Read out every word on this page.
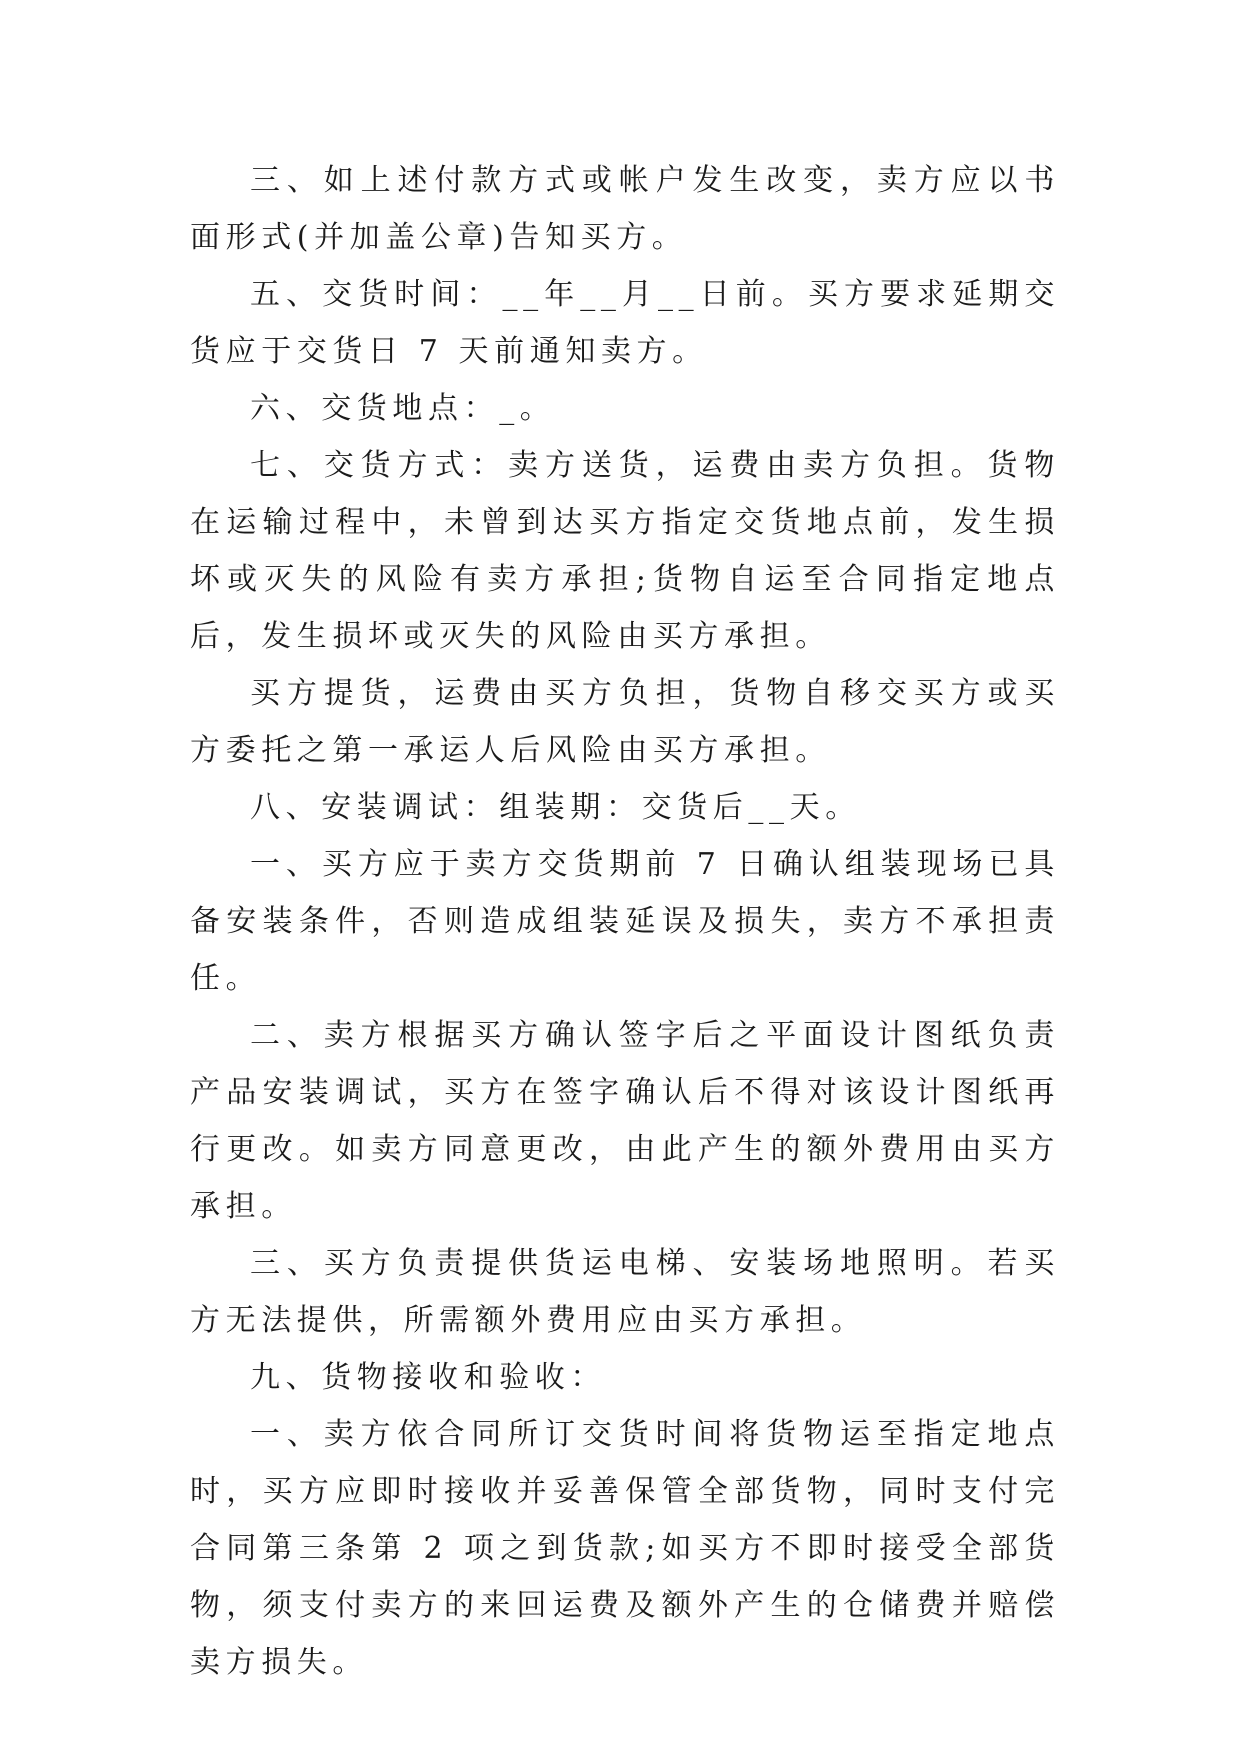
三、如上述付款方式或帐户发生改变，卖方应以书面形式(并加盖公章)告知买方。

五、交货时间：__年__月__日前。买方要求延期交货应于交货日 7 天前通知卖方。

六、交货地点：_。

七、交货方式：卖方送货，运费由卖方负担。货物在运输过程中，未曾到达买方指定交货地点前，发生损坏或灭失的风险有卖方承担;货物自运至合同指定地点后，发生损坏或灭失的风险由买方承担。

买方提货，运费由买方负担，货物自移交买方或买方委托之第一承运人后风险由买方承担。

八、安装调试：组装期：交货后__天。

一、买方应于卖方交货期前 7 日确认组装现场已具备安装条件，否则造成组装延误及损失，卖方不承担责任。

二、卖方根据买方确认签字后之平面设计图纸负责产品安装调试，买方在签字确认后不得对该设计图纸再行更改。如卖方同意更改，由此产生的额外费用由买方承担。

三、买方负责提供货运电梯、安装场地照明。若买方无法提供，所需额外费用应由买方承担。

九、货物接收和验收：

一、卖方依合同所订交货时间将货物运至指定地点时，买方应即时接收并妥善保管全部货物，同时支付完合同第三条第 2 项之到货款;如买方不即时接受全部货物，须支付卖方的来回运费及额外产生的仓储费并赔偿卖方损失。
